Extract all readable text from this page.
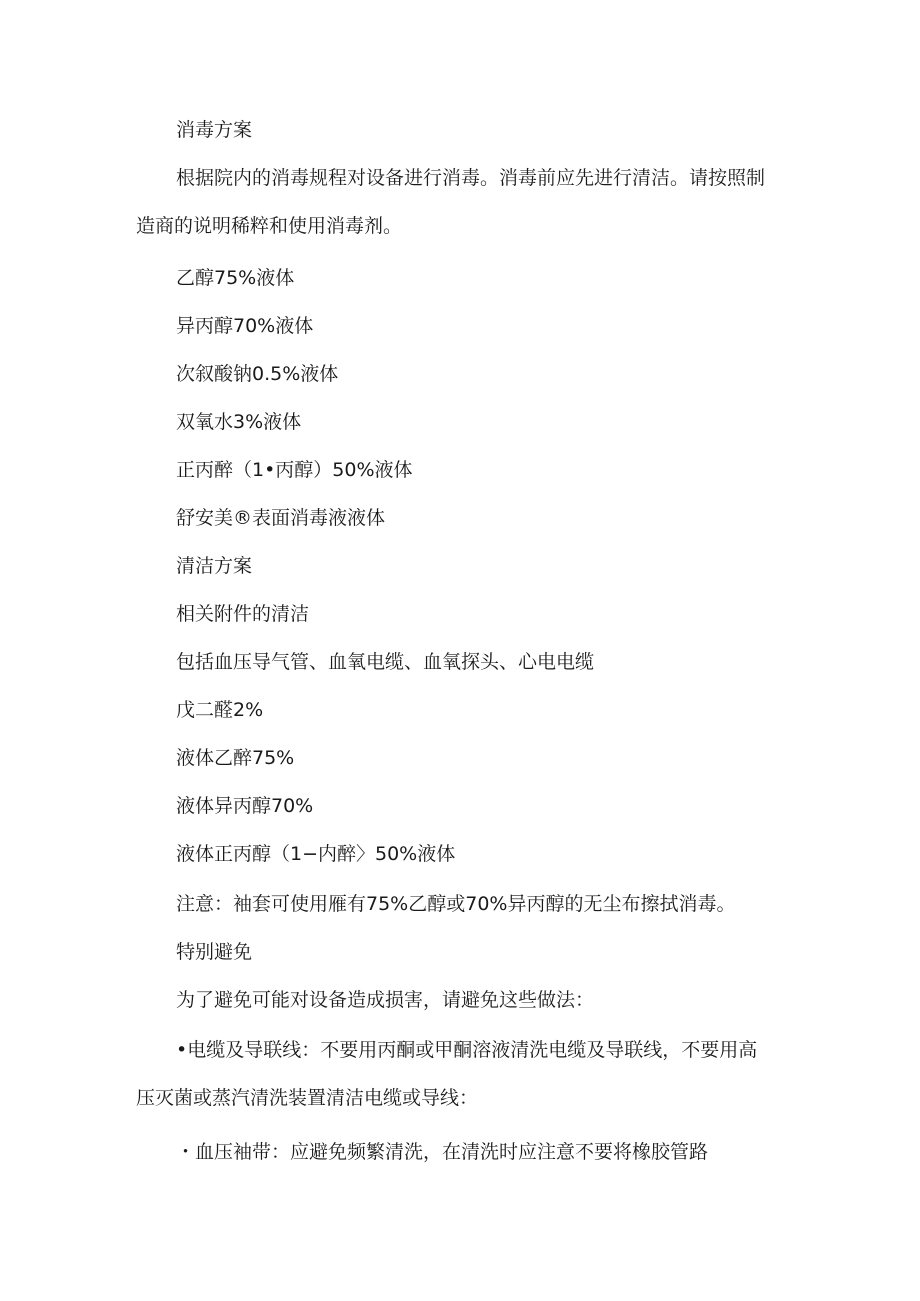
消毒方案

根据院内的消毒规程对设备进行消毒。消毒前应先进行清洁。请按照制造商的说明稀粹和使用消毒剂。

乙醇75%液体

异丙醇70%液体

次叙酸钠0.5%液体

双氧水3%液体

正丙醉（1•丙醇）50%液体

舒安美®表面消毒液液体

清洁方案

相关附件的清洁

包括血压导气管、血氧电缆、血氧探头、心电电缆

戊二醛2%

液体乙醉75%

液体异丙醇70%

液体正丙醇（1−内醉〉50%液体

注意：袖套可使用雁有75%乙醇或70%异丙醇的无尘布擦拭消毒。

特别避免

为了避免可能对设备造成损害，请避免这些做法：

•电缆及导联线：不要用丙酮或甲酮溶液清洗电缆及导联线，不要用高压灭菌或蒸汽清洗装置清洁电缆或导线：

・血压袖带：应避免频繁清洗，在清洗时应注意不要将橡胶管路
